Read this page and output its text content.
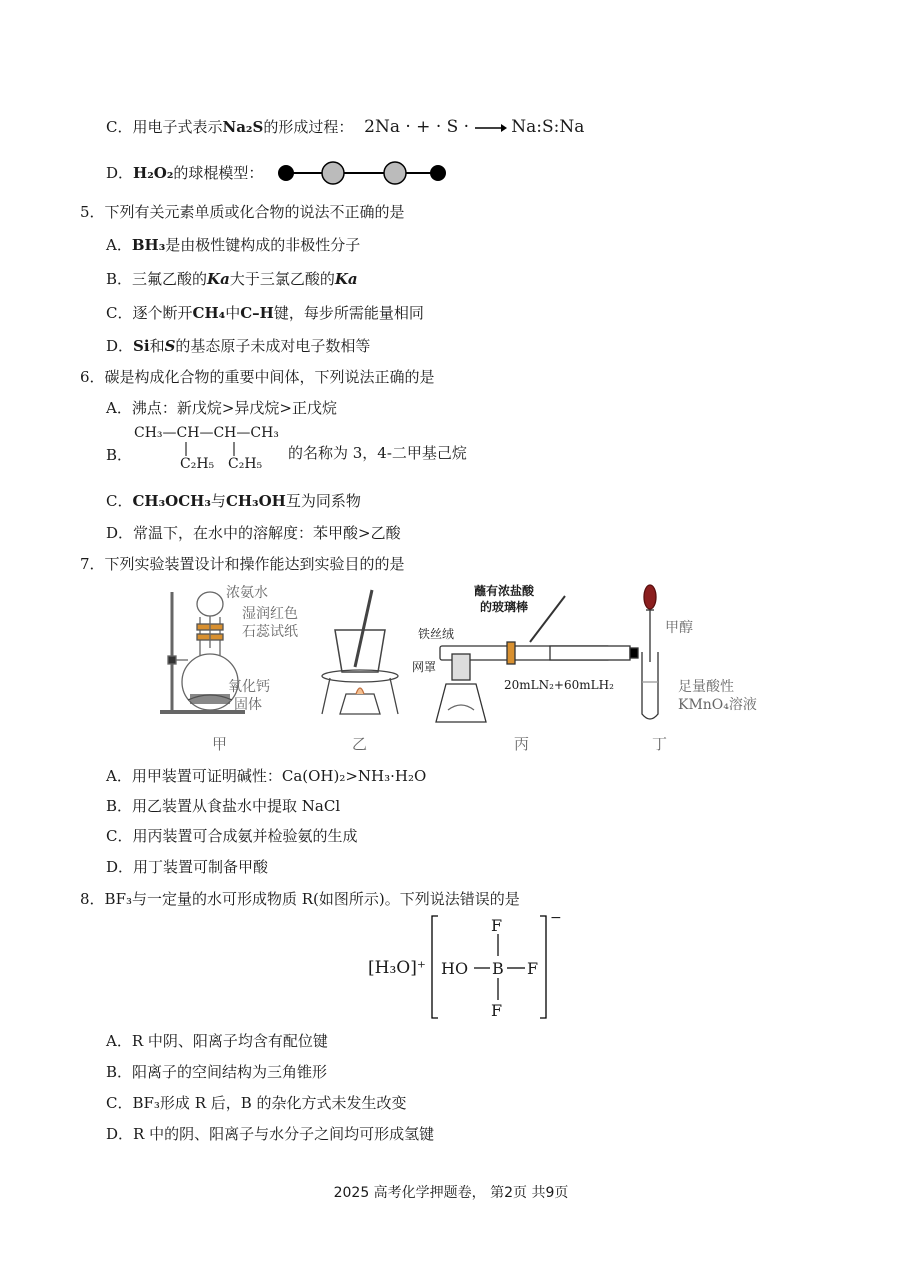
C．用电子式表示Na₂S的形成过程： 2Na · + · S ·  Na:S:Na
D．H₂O₂的球棍模型：
5．下列有关元素单质或化合物的说法不正确的是
A．BH₃是由极性键构成的非极性分子
B．三氟乙酸的Ka大于三氯乙酸的Ka
C．逐个断开CH₄中C–H键，每步所需能量相同
D．Si和S的基态原子未成对电子数相等
6．碳是构成化合物的重要中间体，下列说法正确的是
A．沸点：新戊烷>异戊烷>正戊烷
B．
CH₃—CH—CH—CH₃
C₂H₅ C₂H₅
的名称为 3，4-二甲基己烷
C．CH₃OCH₃与CH₃OH互为同系物
D．常温下，在水中的溶解度：苯甲酸>乙酸
7．下列实验装置设计和操作能达到实验目的的是
浓氨水
湿润红色
石蕊试纸
氧化钙
固体
甲	乙
蘸有浓盐酸
的玻璃棒
铁丝绒
网罩
20mLN₂+60mLH₂
丙
甲醇
足量酸性
KMnO₄溶液
丁
A．用甲装置可证明碱性：Ca(OH)₂>NH₃·H₂O
B．用乙装置从食盐水中提取 NaCl
C．用丙装置可合成氨并检验氨的生成
D．用丁装置可制备甲酸
8．BF₃与一定量的水可形成物质 R(如图所示)。下列说法错误的是
[H₃O]⁺
F
HO B F
F
−
A．R 中阴、阳离子均含有配位键
B．阳离子的空间结构为三角锥形
C．BF₃形成 R 后，B 的杂化方式未发生改变
D．R 中的阴、阳离子与水分子之间均可形成氢键
2025 高考化学押题卷， 第2页 共9页
